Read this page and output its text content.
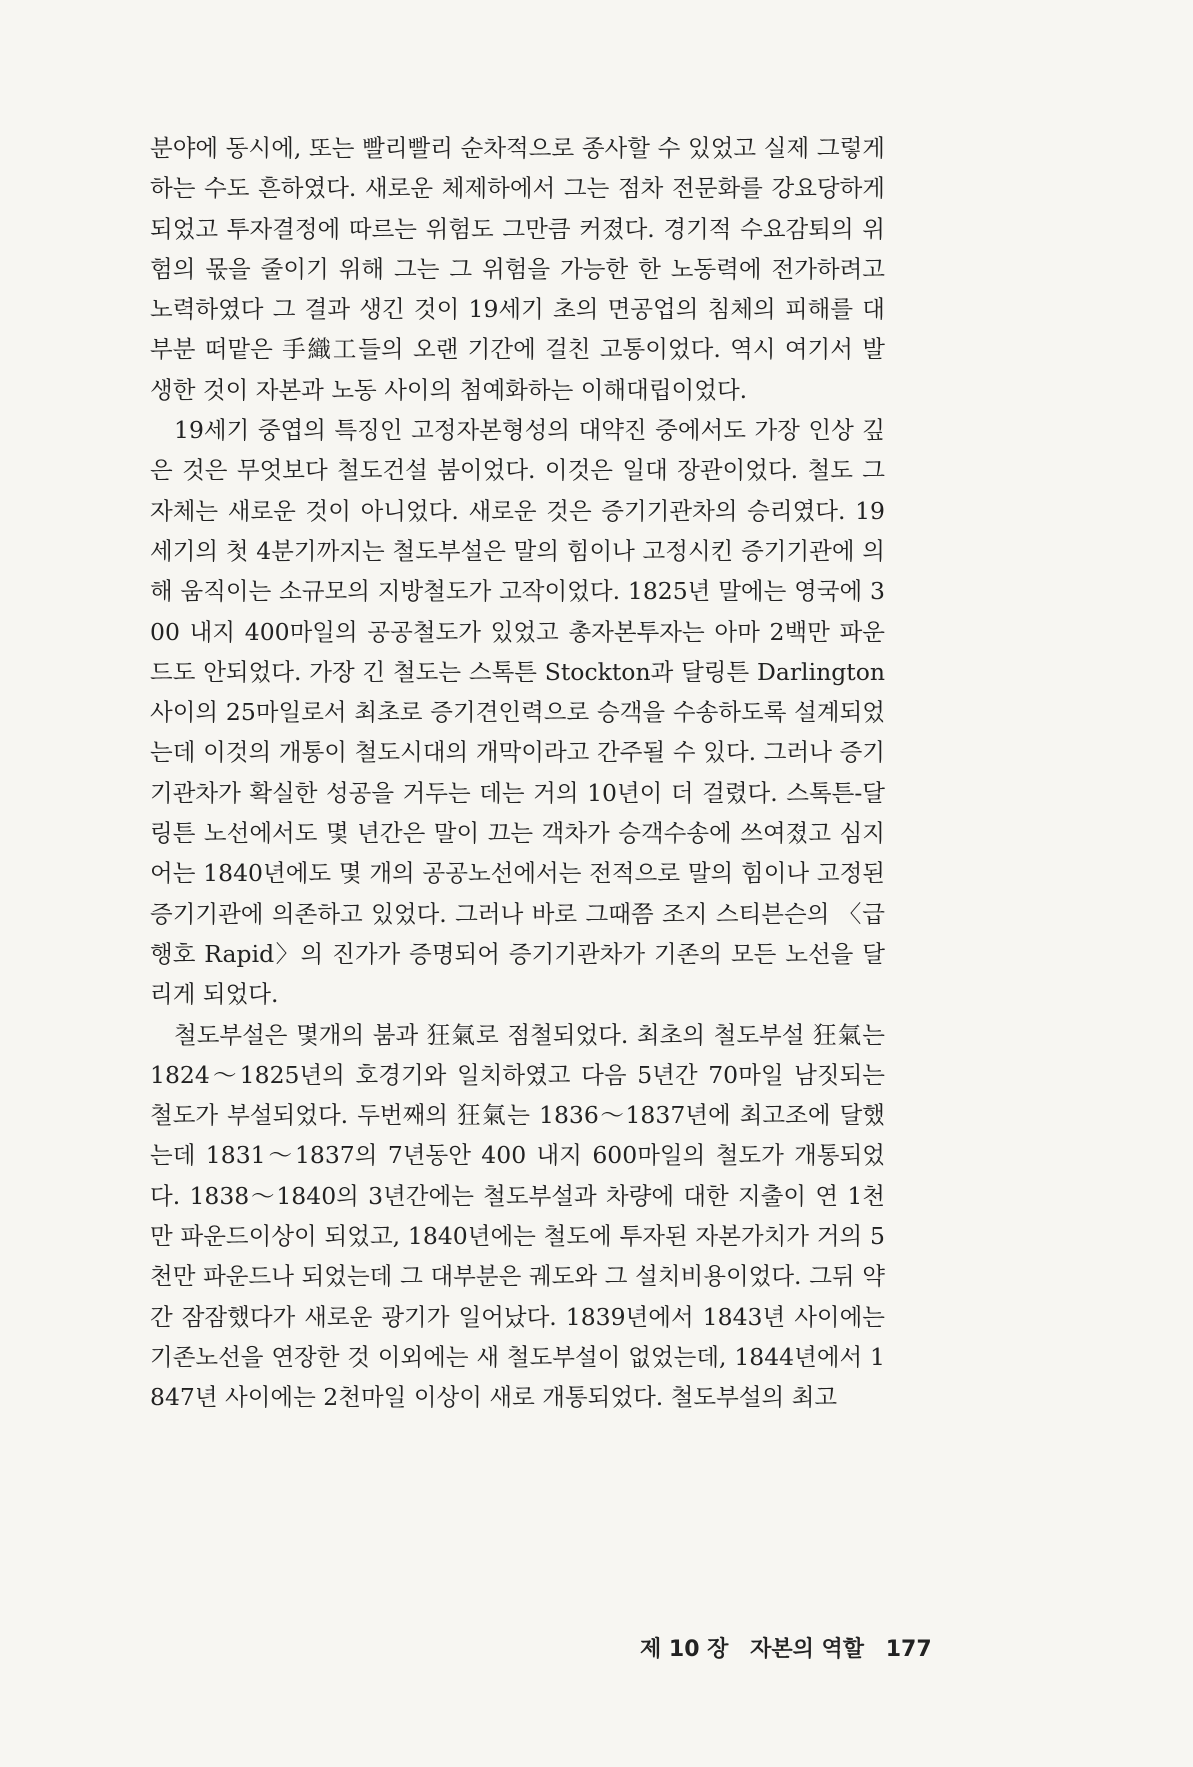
분야에 동시에, 또는 빨리빨리 순차적으로 종사할 수 있었고 실제 그렇게 하는 수도 흔하였다. 새로운 체제하에서 그는 점차 전문화를 강요당하게 되었고 투자결정에 따르는 위험도 그만큼 커졌다. 경기적 수요감퇴의 위험의 몫을 줄이기 위해 그는 그 위험을 가능한 한 노동력에 전가하려고 노력하였다 그 결과 생긴 것이 19세기 초의 면공업의 침체의 피해를 대부분 떠맡은 手織工들의 오랜 기간에 걸친 고통이었다. 역시 여기서 발생한 것이 자본과 노동 사이의 첨예화하는 이해대립이었다.

19세기 중엽의 특징인 고정자본형성의 대약진 중에서도 가장 인상 깊은 것은 무엇보다 철도건설 붐이었다. 이것은 일대 장관이었다. 철도 그 자체는 새로운 것이 아니었다. 새로운 것은 증기기관차의 승리였다. 19세기의 첫 4분기까지는 철도부설은 말의 힘이나 고정시킨 증기기관에 의해 움직이는 소규모의 지방철도가 고작이었다. 1825년 말에는 영국에 300 내지 400마일의 공공철도가 있었고 총자본투자는 아마 2백만 파운드도 안되었다. 가장 긴 철도는 스톡튼 Stockton과 달링튼 Darlington 사이의 25마일로서 최초로 증기견인력으로 승객을 수송하도록 설계되었는데 이것의 개통이 철도시대의 개막이라고 간주될 수 있다. 그러나 증기기관차가 확실한 성공을 거두는 데는 거의 10년이 더 걸렸다. 스톡튼-달링튼 노선에서도 몇 년간은 말이 끄는 객차가 승객수송에 쓰여졌고 심지어는 1840년에도 몇 개의 공공노선에서는 전적으로 말의 힘이나 고정된 증기기관에 의존하고 있었다. 그러나 바로 그때쯤 조지 스티븐슨의 〈급행호 Rapid〉의 진가가 증명되어 증기기관차가 기존의 모든 노선을 달리게 되었다.

철도부설은 몇개의 붐과 狂氣로 점철되었다. 최초의 철도부설 狂氣는 1824～1825년의 호경기와 일치하였고 다음 5년간 70마일 남짓되는 철도가 부설되었다. 두번째의 狂氣는 1836～1837년에 최고조에 달했는데 1831～1837의 7년동안 400 내지 600마일의 철도가 개통되었다. 1838～1840의 3년간에는 철도부설과 차량에 대한 지출이 연 1천만 파운드이상이 되었고, 1840년에는 철도에 투자된 자본가치가 거의 5천만 파운드나 되었는데 그 대부분은 궤도와 그 설치비용이었다. 그뒤 약간 잠잠했다가 새로운 광기가 일어났다. 1839년에서 1843년 사이에는 기존노선을 연장한 것 이외에는 새 철도부설이 없었는데, 1844년에서 1847년 사이에는 2천마일 이상이 새로 개통되었다. 철도부설의 최고

제 10 장 자본의 역할 177
